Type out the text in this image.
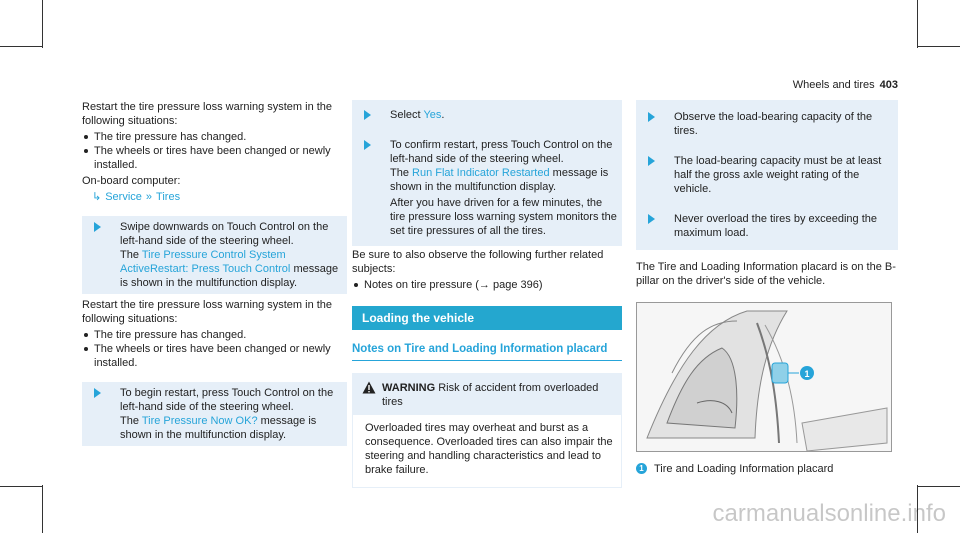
Wheels and tires 403

Restart the tire pressure loss warning system in the following situations:

The tire pressure has changed.
The wheels or tires have been changed or newly installed.

On-board computer:

↳ Service » Tires

Swipe downwards on Touch Control on the left-hand side of the steering wheel.
The Tire Pressure Control System ActiveRestart: Press Touch Control message is shown in the multifunction display.

Restart the tire pressure loss warning system in the following situations:

The tire pressure has changed.
The wheels or tires have been changed or newly installed.

To begin restart, press Touch Control on the left-hand side of the steering wheel.
The Tire Pressure Now OK? message is shown in the multifunction display.

Select Yes.

To confirm restart, press Touch Control on the left-hand side of the steering wheel.
The Run Flat Indicator Restarted message is shown in the multifunction display.

After you have driven for a few minutes, the tire pressure loss warning system monitors the set tire pressures of all the tires.

Be sure to also observe the following further related subjects:

Notes on tire pressure (→ page 396)
Loading the vehicle
Notes on Tire and Loading Information placard
WARNING Risk of accident from overloaded tires
Overloaded tires may overheat and burst as a consequence. Overloaded tires can also impair the steering and handling characteristics and lead to brake failure.

Observe the load-bearing capacity of the tires.

The load-bearing capacity must be at least half the gross axle weight rating of the vehicle.

Never overload the tires by exceeding the maximum load.

The Tire and Loading Information placard is on the B-pillar on the driver's side of the vehicle.

1
1 Tire and Loading Information placard
carmanualsonline.info
